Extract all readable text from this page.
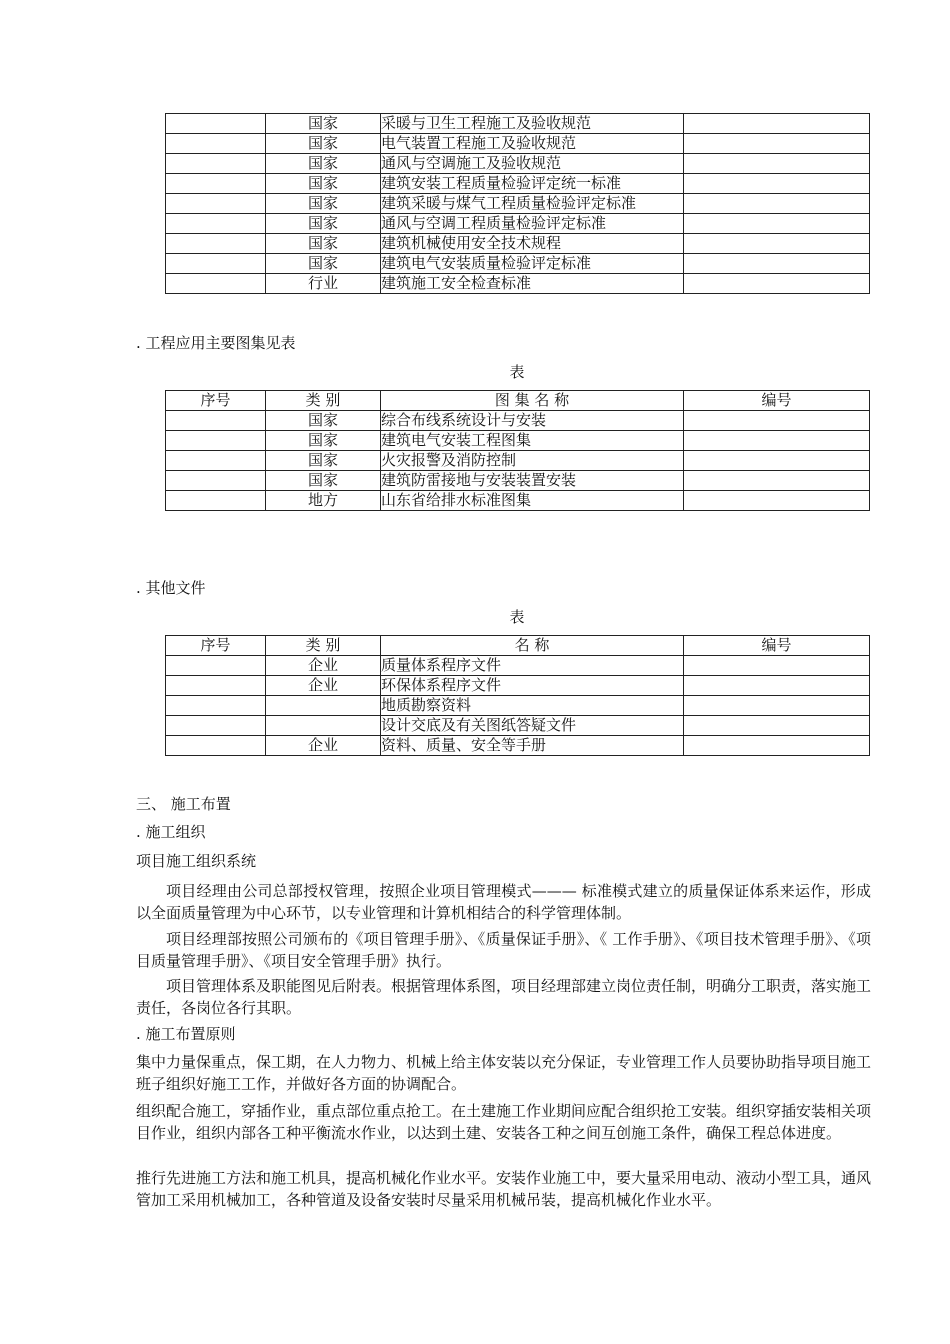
	国家	采暖与卫生工程施工及验收规范	
	国家	电气装置工程施工及验收规范	
	国家	通风与空调施工及验收规范	
	国家	建筑安装工程质量检验评定统一标准	
	国家	建筑采暖与煤气工程质量检验评定标准	
	国家	通风与空调工程质量检验评定标准	
	国家	建筑机械使用安全技术规程	
	国家	建筑电气安装质量检验评定标准	
	行业	建筑施工安全检查标准	
. 工程应用主要图集见表
表
序号	类 别	图 集 名 称	编号
	国家	综合布线系统设计与安装	
	国家	建筑电气安装工程图集	
	国家	火灾报警及消防控制	
	国家	建筑防雷接地与安装装置安装	
	地方	山东省给排水标准图集	
. 其他文件
表
序号	类 别	名 称	编号
	企业	质量体系程序文件	
	企业	环保体系程序文件	
		地质勘察资料	
		设计交底及有关图纸答疑文件	
	企业	资料、质量、安全等手册	
三、 施工布置
. 施工组织
项目施工组织系统
项目经理由公司总部授权管理，按照企业项目管理模式——— 标准模式建立的质量保证体系来运作，形成以全面质量管理为中心环节，以专业管理和计算机相结合的科学管理体制。
项目经理部按照公司颁布的《项目管理手册》、《质量保证手册》、《 工作手册》、《项目技术管理手册》、《项目质量管理手册》、《项目安全管理手册》执行。
项目管理体系及职能图见后附表。根据管理体系图，项目经理部建立岗位责任制，明确分工职责，落实施工责任，各岗位各行其职。
. 施工布置原则
集中力量保重点，保工期，在人力物力、机械上给主体安装以充分保证，专业管理工作人员要协助指导项目施工班子组织好施工工作，并做好各方面的协调配合。
组织配合施工，穿插作业，重点部位重点抢工。在土建施工作业期间应配合组织抢工安装。组织穿插安装相关项目作业，组织内部各工种平衡流水作业，以达到土建、安装各工种之间互创施工条件，确保工程总体进度。
推行先进施工方法和施工机具，提高机械化作业水平。安装作业施工中，要大量采用电动、液动小型工具，通风管加工采用机械加工，各种管道及设备安装时尽量采用机械吊装，提高机械化作业水平。
